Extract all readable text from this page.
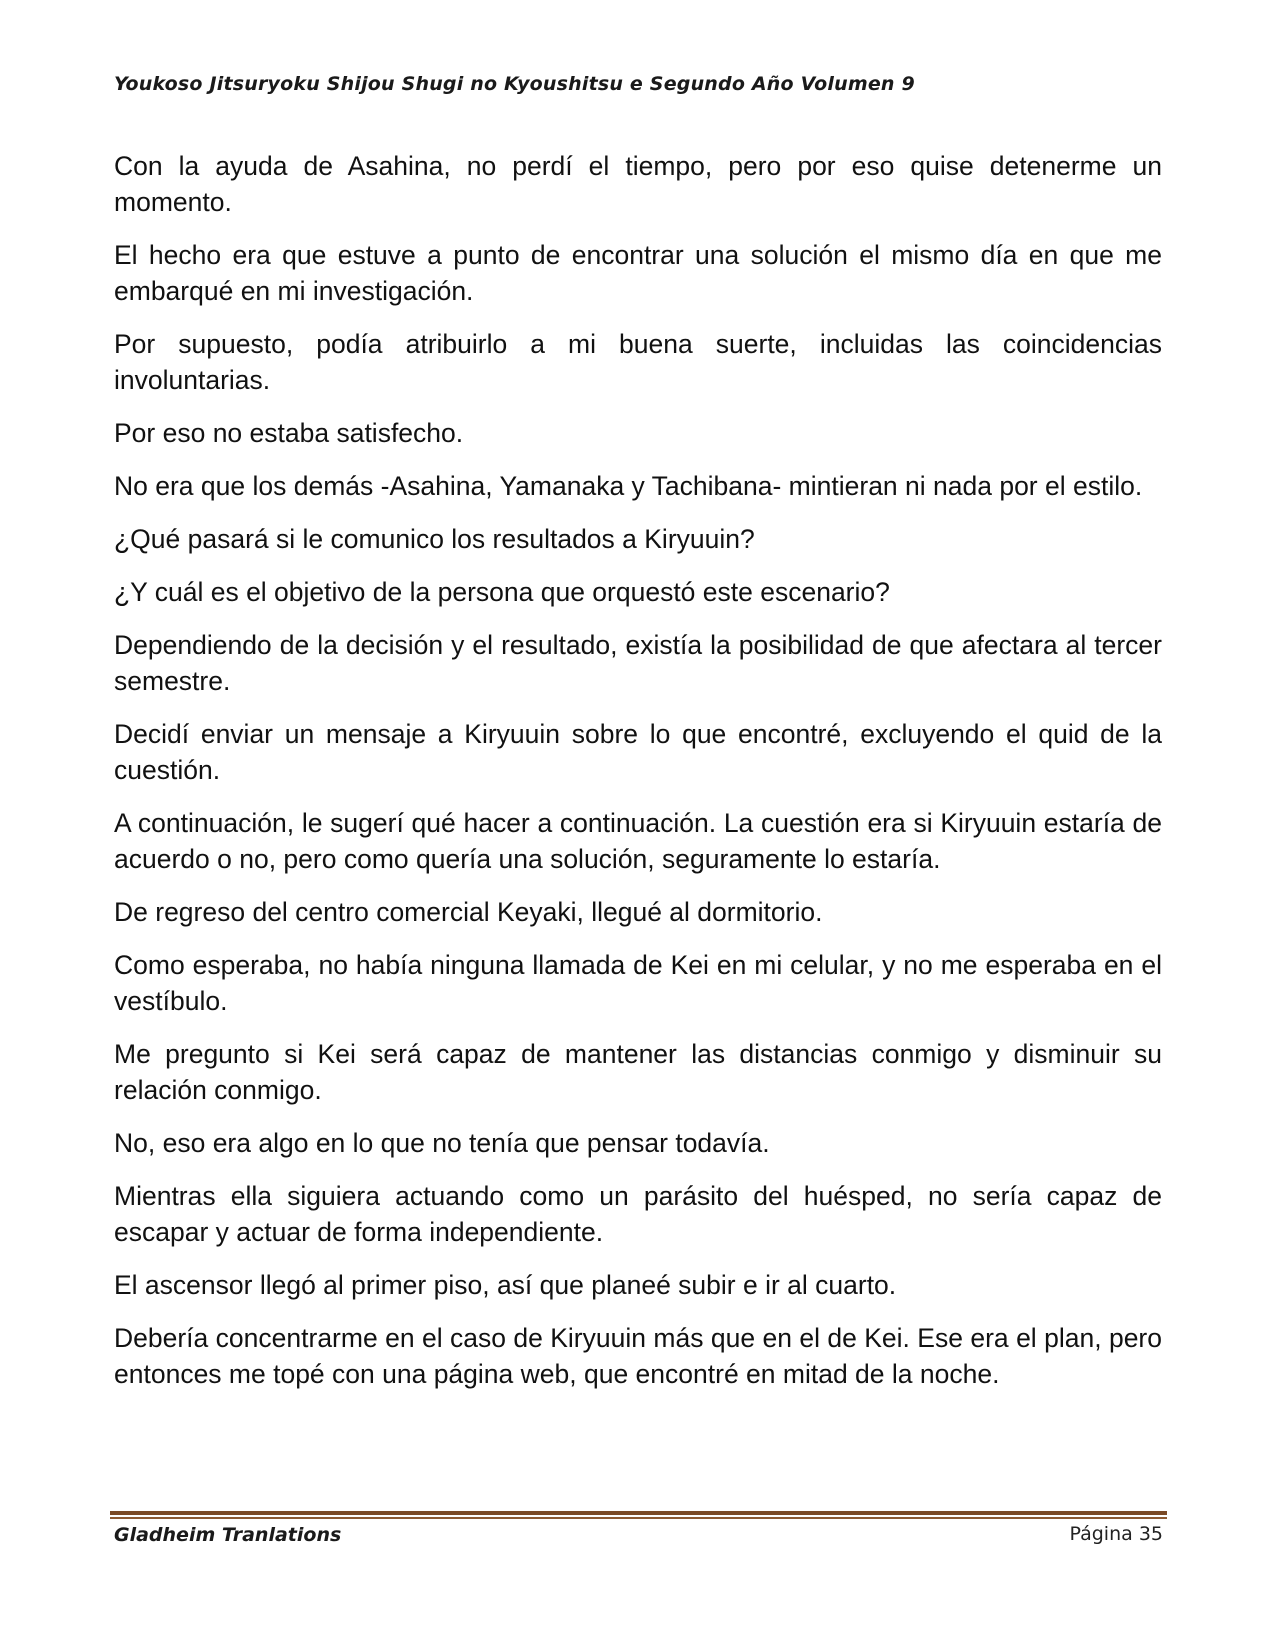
Youkoso Jitsuryoku Shijou Shugi no Kyoushitsu e Segundo Año Volumen 9

Con la ayuda de Asahina, no perdí el tiempo, pero por eso quise detenerme un momento.

El hecho era que estuve a punto de encontrar una solución el mismo día en que me embarqué en mi investigación.

Por supuesto, podía atribuirlo a mi buena suerte, incluidas las coincidencias involuntarias.

Por eso no estaba satisfecho.

No era que los demás -Asahina, Yamanaka y Tachibana- mintieran ni nada por el estilo.

¿Qué pasará si le comunico los resultados a Kiryuuin?

¿Y cuál es el objetivo de la persona que orquestó este escenario?

Dependiendo de la decisión y el resultado, existía la posibilidad de que afectara al tercer semestre.

Decidí enviar un mensaje a Kiryuuin sobre lo que encontré, excluyendo el quid de la cuestión.

A continuación, le sugerí qué hacer a continuación. La cuestión era si Kiryuuin estaría de acuerdo o no, pero como quería una solución, seguramente lo estaría.

De regreso del centro comercial Keyaki, llegué al dormitorio.

Como esperaba, no había ninguna llamada de Kei en mi celular, y no me esperaba en el vestíbulo.

Me pregunto si Kei será capaz de mantener las distancias conmigo y disminuir su relación conmigo.

No, eso era algo en lo que no tenía que pensar todavía.

Mientras ella siguiera actuando como un parásito del huésped, no sería capaz de escapar y actuar de forma independiente.

El ascensor llegó al primer piso, así que planeé subir e ir al cuarto.

Debería concentrarme en el caso de Kiryuuin más que en el de Kei. Ese era el plan, pero entonces me topé con una página web, que encontré en mitad de la noche.

Gladheim Tranlations	Página 35
